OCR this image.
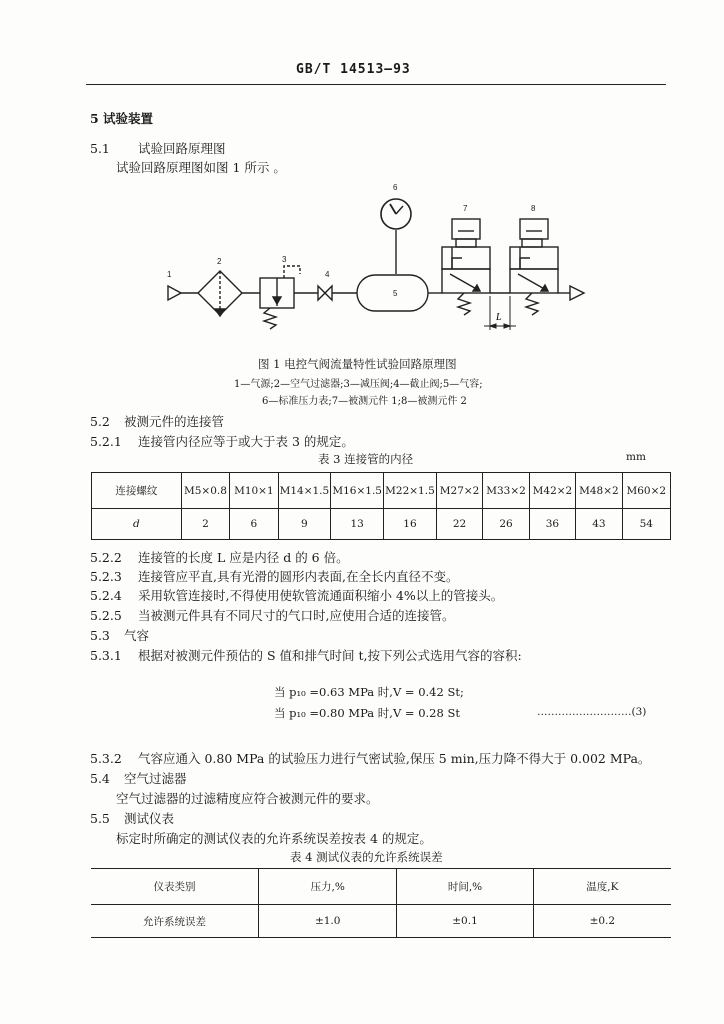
GB/T 14513—93
5 试验装置
5.1 试验回路原理图
试验回路原理图如图 1 所示 。
L
1
2	3
4
5
6
7	8
图 1 电控气阀流量特性试验回路原理图
1—气源;2—空气过滤器;3—减压阀;4—截止阀;5—气容;
6—标准压力表;7—被测元件 1;8—被测元件 2
5.2 被测元件的连接管
5.2.1 连接管内径应等于或大于表 3 的规定。
表 3 连接管的内径	mm
连接螺纹	M5×0.8	M10×1	M14×1.5	M16×1.5	M22×1.5	M27×2	M33×2	M42×2	M48×2	M60×2
d	2	6	9	13	16	22	26	36	43	54
5.2.2 连接管的长度 L 应是内径 d 的 6 倍。
5.2.3 连接管应平直,具有光滑的圆形内表面,在全长内直径不变。
5.2.4 采用软管连接时,不得使用使软管流通面积缩小 4%以上的管接头。
5.2.5 当被测元件具有不同尺寸的气口时,应使用合适的连接管。
5.3 气容
5.3.1 根据对被测元件预估的 S 值和排气时间 t,按下列公式选用气容的容积:
当 p₁₀ =0.63 MPa 时,V = 0.42 St;
当 p₁₀ =0.80 MPa 时,V = 0.28 St	………………………(3)
5.3.2 气容应通入 0.80 MPa 的试验压力进行气密试验,保压 5 min,压力降不得大于 0.002 MPa。
5.4 空气过滤器
空气过滤器的过滤精度应符合被测元件的要求。
5.5 测试仪表
标定时所确定的测试仪表的允许系统误差按表 4 的规定。
表 4 测试仪表的允许系统误差
仪表类别	压力,%	时间,%	温度,K
允许系统误差	±1.0	±0.1	±0.2
